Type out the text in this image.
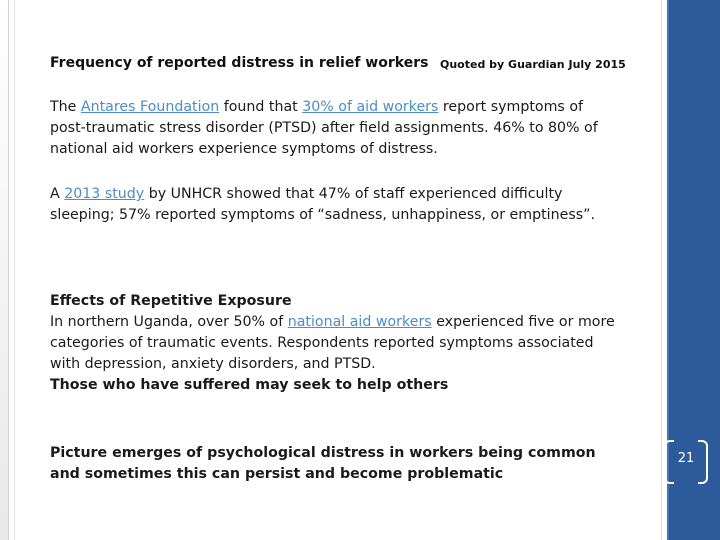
Frequency of reported distress in relief workers Quoted by Guardian July 2015
The Antares Foundation found that 30% of aid workers report symptoms of post-traumatic stress disorder (PTSD) after field assignments. 46% to 80% of national aid workers experience symptoms of distress.
A 2013 study by UNHCR showed that 47% of staff experienced difficulty sleeping; 57% reported symptoms of “sadness, unhappiness, or emptiness”.
Effects of Repetitive Exposure
In northern Uganda, over 50% of national aid workers experienced five or more categories of traumatic events. Respondents reported symptoms associated with depression, anxiety disorders, and PTSD.
Those who have suffered may seek to help others
Picture emerges of psychological distress in workers being common and sometimes this can persist and become problematic
21
